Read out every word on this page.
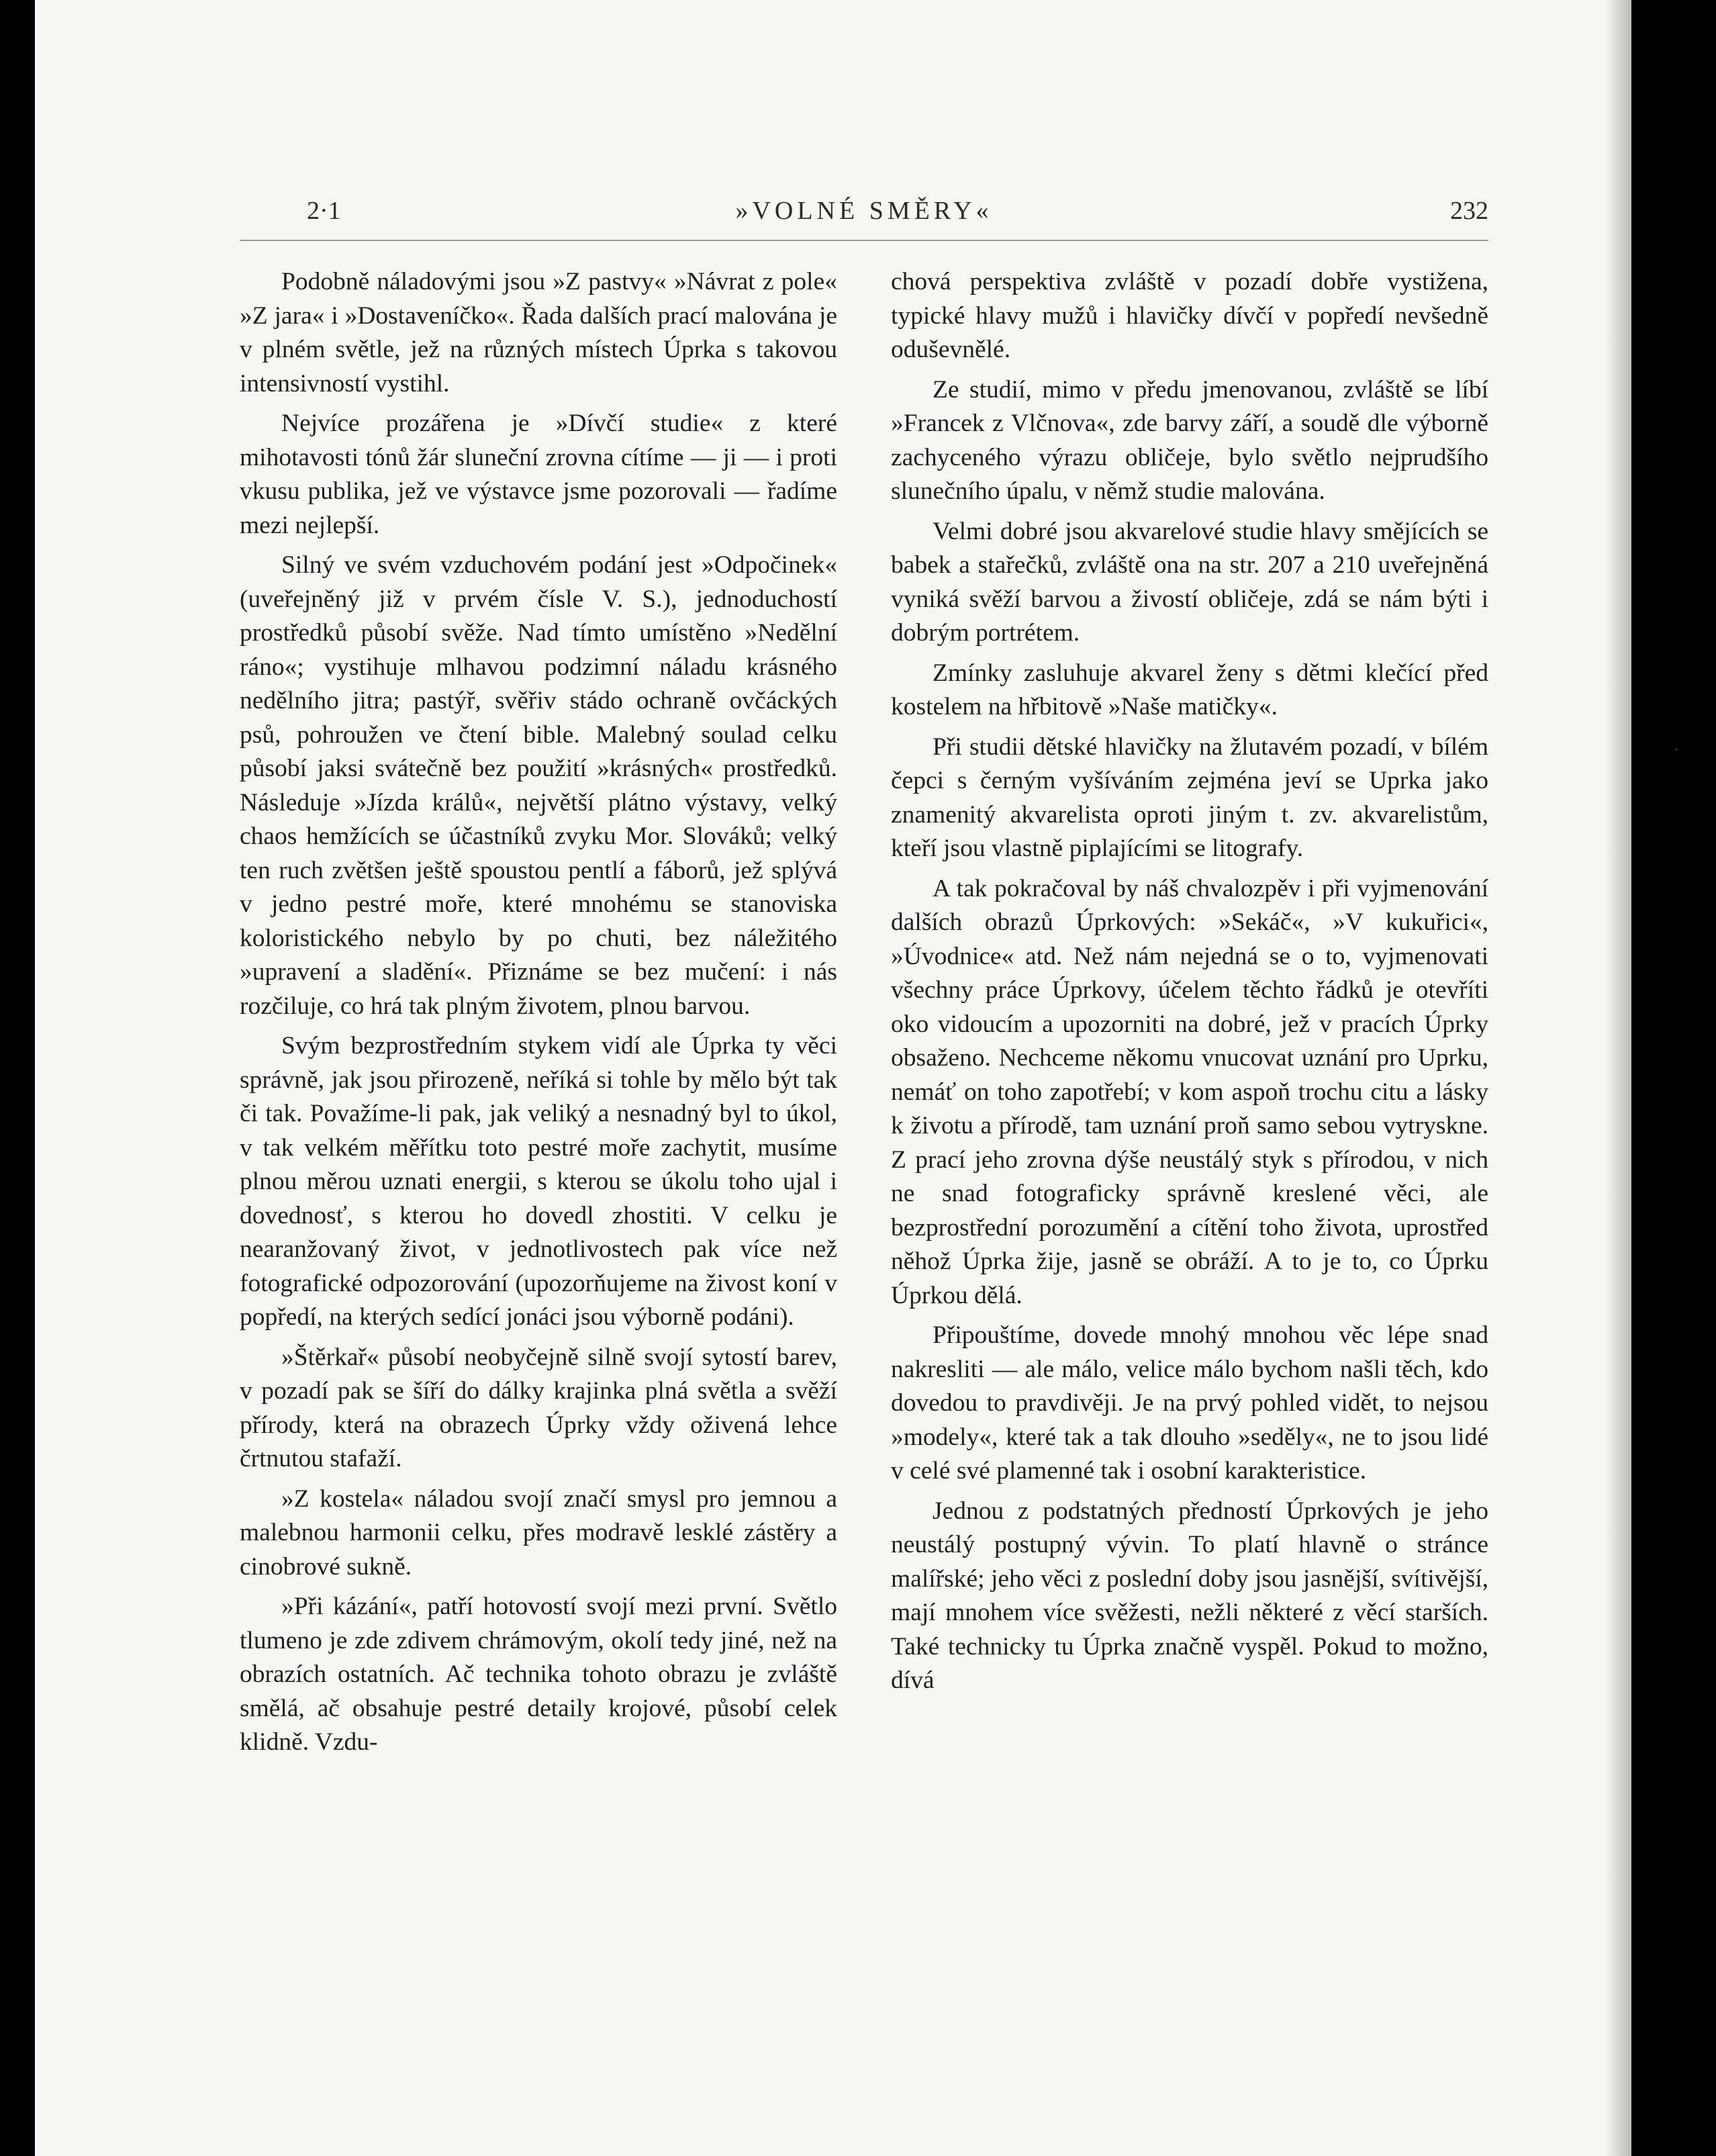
2·1	»VOLNÉ SMĚRY«	232

Podobně náladovými jsou »Z pastvy« »Návrat z pole« »Z jara« i »Dostaveníčko«. Řada dalších prací malována je v plném světle, jež na různých místech Úprka s takovou intensivností vystihl.

Nejvíce prozářena je »Dívčí studie« z které mihotavosti tónů žár sluneční zrovna cítíme — ji — i proti vkusu publika, jež ve výstavce jsme pozorovali — řadíme mezi nejlepší.

Silný ve svém vzduchovém podání jest »Odpočinek« (uveřejněný již v prvém čísle V. S.), jednoduchostí prostředků působí svěže. Nad tímto umístěno »Nedělní ráno«; vystihuje mlhavou podzimní náladu krásného nedělního jitra; pastýř, svěřiv stádo ochraně ovčáckých psů, pohroužen ve čtení bible. Malebný soulad celku působí jaksi svátečně bez použití »krásných« prostředků. Následuje »Jízda králů«, největší plátno výstavy, velký chaos hemžících se účastníků zvyku Mor. Slováků; velký ten ruch zvětšen ještě spoustou pentlí a fáborů, jež splývá v jedno pestré moře, které mnohému se stanoviska koloristického nebylo by po chuti, bez náležitého »upravení a sladění«. Přiznáme se bez mučení: i nás rozčiluje, co hrá tak plným životem, plnou barvou.

Svým bezprostředním stykem vidí ale Úprka ty věci správně, jak jsou přirozeně, neříká si tohle by mělo být tak či tak. Považíme-li pak, jak veliký a nesnadný byl to úkol, v tak velkém měřítku toto pestré moře zachytit, musíme plnou měrou uznati energii, s kterou se úkolu toho ujal i dovednosť, s kterou ho dovedl zhostiti. V celku je nearanžovaný život, v jednotlivostech pak více než fotografické odpozorování (upozorňujeme na živost koní v popředí, na kterých sedící jonáci jsou výborně podáni).

»Štěrkař« působí neobyčejně silně svojí sytostí barev, v pozadí pak se šíří do dálky krajinka plná světla a svěží přírody, která na obrazech Úprky vždy oživená lehce črtnutou stafaží.

»Z kostela« náladou svojí značí smysl pro jemnou a malebnou harmonii celku, přes modravě lesklé zástěry a cinobrové sukně.

»Při kázání«, patří hotovostí svojí mezi první. Světlo tlumeno je zde zdivem chrámovým, okolí tedy jiné, než na obrazích ostatních. Ač technika tohoto obrazu je zvláště smělá, ač obsahuje pestré detaily krojové, působí celek klidně. Vzdu-

chová perspektiva zvláště v pozadí dobře vystižena, typické hlavy mužů i hlavičky dívčí v popředí nevšedně oduševnělé.

Ze studií, mimo v předu jmenovanou, zvláště se líbí »Francek z Vlčnova«, zde barvy září, a soudě dle výborně zachyceného výrazu obličeje, bylo světlo nejprudšího slunečního úpalu, v němž studie malována.

Velmi dobré jsou akvarelové studie hlavy smějících se babek a stařečků, zvláště ona na str. 207 a 210 uveřejněná vyniká svěží barvou a živostí obličeje, zdá se nám býti i dobrým portrétem.

Zmínky zasluhuje akvarel ženy s dětmi klečící před kostelem na hřbitově »Naše matičky«.

Při studii dětské hlavičky na žlutavém pozadí, v bílém čepci s černým vyšíváním zejména jeví se Uprka jako znamenitý akvarelista oproti jiným t. zv. akvarelistům, kteří jsou vlastně piplajícími se litografy.

A tak pokračoval by náš chvalozpěv i při vyjmenování dalších obrazů Úprkových: »Sekáč«, »V kukuřici«, »Úvodnice« atd. Než nám nejedná se o to, vyjmenovati všechny práce Úprkovy, účelem těchto řádků je otevříti oko vidoucím a upozorniti na dobré, jež v pracích Úprky obsaženo. Nechceme někomu vnucovat uznání pro Uprku, nemáť on toho zapotřebí; v kom aspoň trochu citu a lásky k životu a přírodě, tam uznání proň samo sebou vytryskne. Z prací jeho zrovna dýše neustálý styk s přírodou, v nich ne snad fotograficky správně kreslené věci, ale bezprostřední porozumění a cítění toho života, uprostřed něhož Úprka žije, jasně se obráží. A to je to, co Úprku Úprkou dělá.

Připouštíme, dovede mnohý mnohou věc lépe snad nakresliti — ale málo, velice málo bychom našli těch, kdo dovedou to pravdivěji. Je na prvý pohled vidět, to nejsou »modely«, které tak a tak dlouho »seděly«, ne to jsou lidé v celé své plamenné tak i osobní karakteristice.

Jednou z podstatných předností Úprkových je jeho neustálý postupný vývin. To platí hlavně o stránce malířské; jeho věci z poslední doby jsou jasnější, svítivější, mají mnohem více svěžesti, nežli některé z věcí starších. Také technicky tu Úprka značně vyspěl. Pokud to možno, dívá

·
